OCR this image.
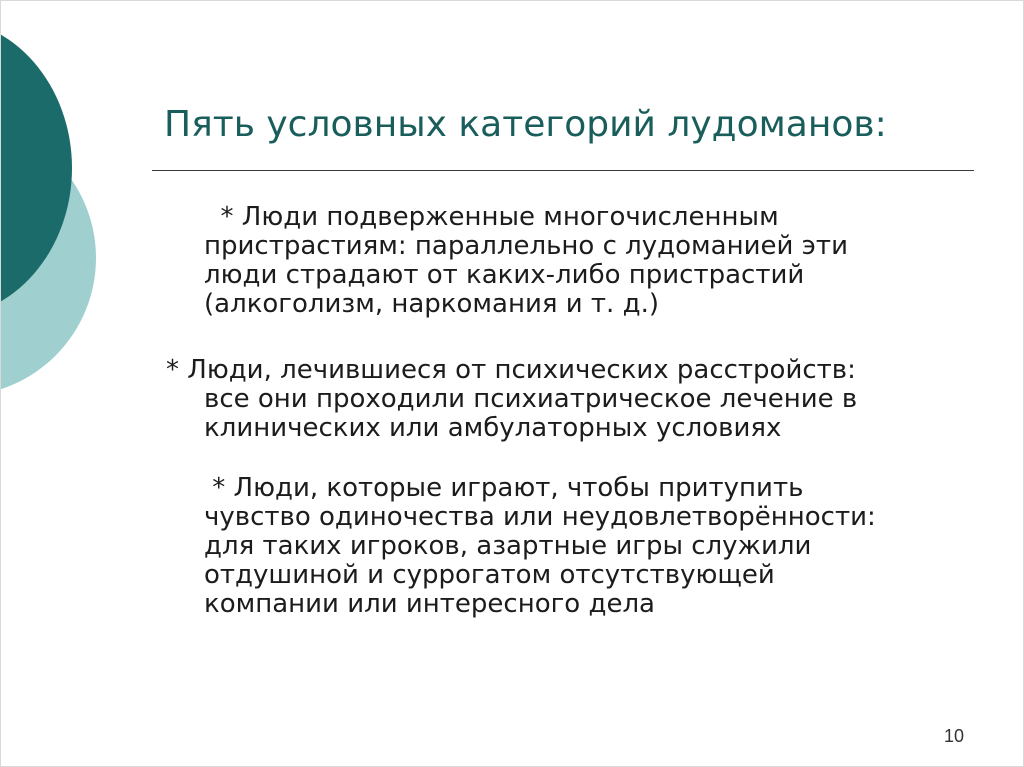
Пять условных категорий лудоманов:

* Люди подверженные многочисленным
пристрастиям: параллельно с лудоманией эти
люди страдают от каких-либо пристрастий
(алкоголизм, наркомания и т. д.)

* Люди, лечившиеся от психических расстройств:
все они проходили психиатрическое лечение в
клинических или амбулаторных условиях

* Люди, которые играют, чтобы притупить
чувство одиночества или неудовлетворённости:
для таких игроков, азартные игры служили
отдушиной и суррогатом отсутствующей
компании или интересного дела

10
